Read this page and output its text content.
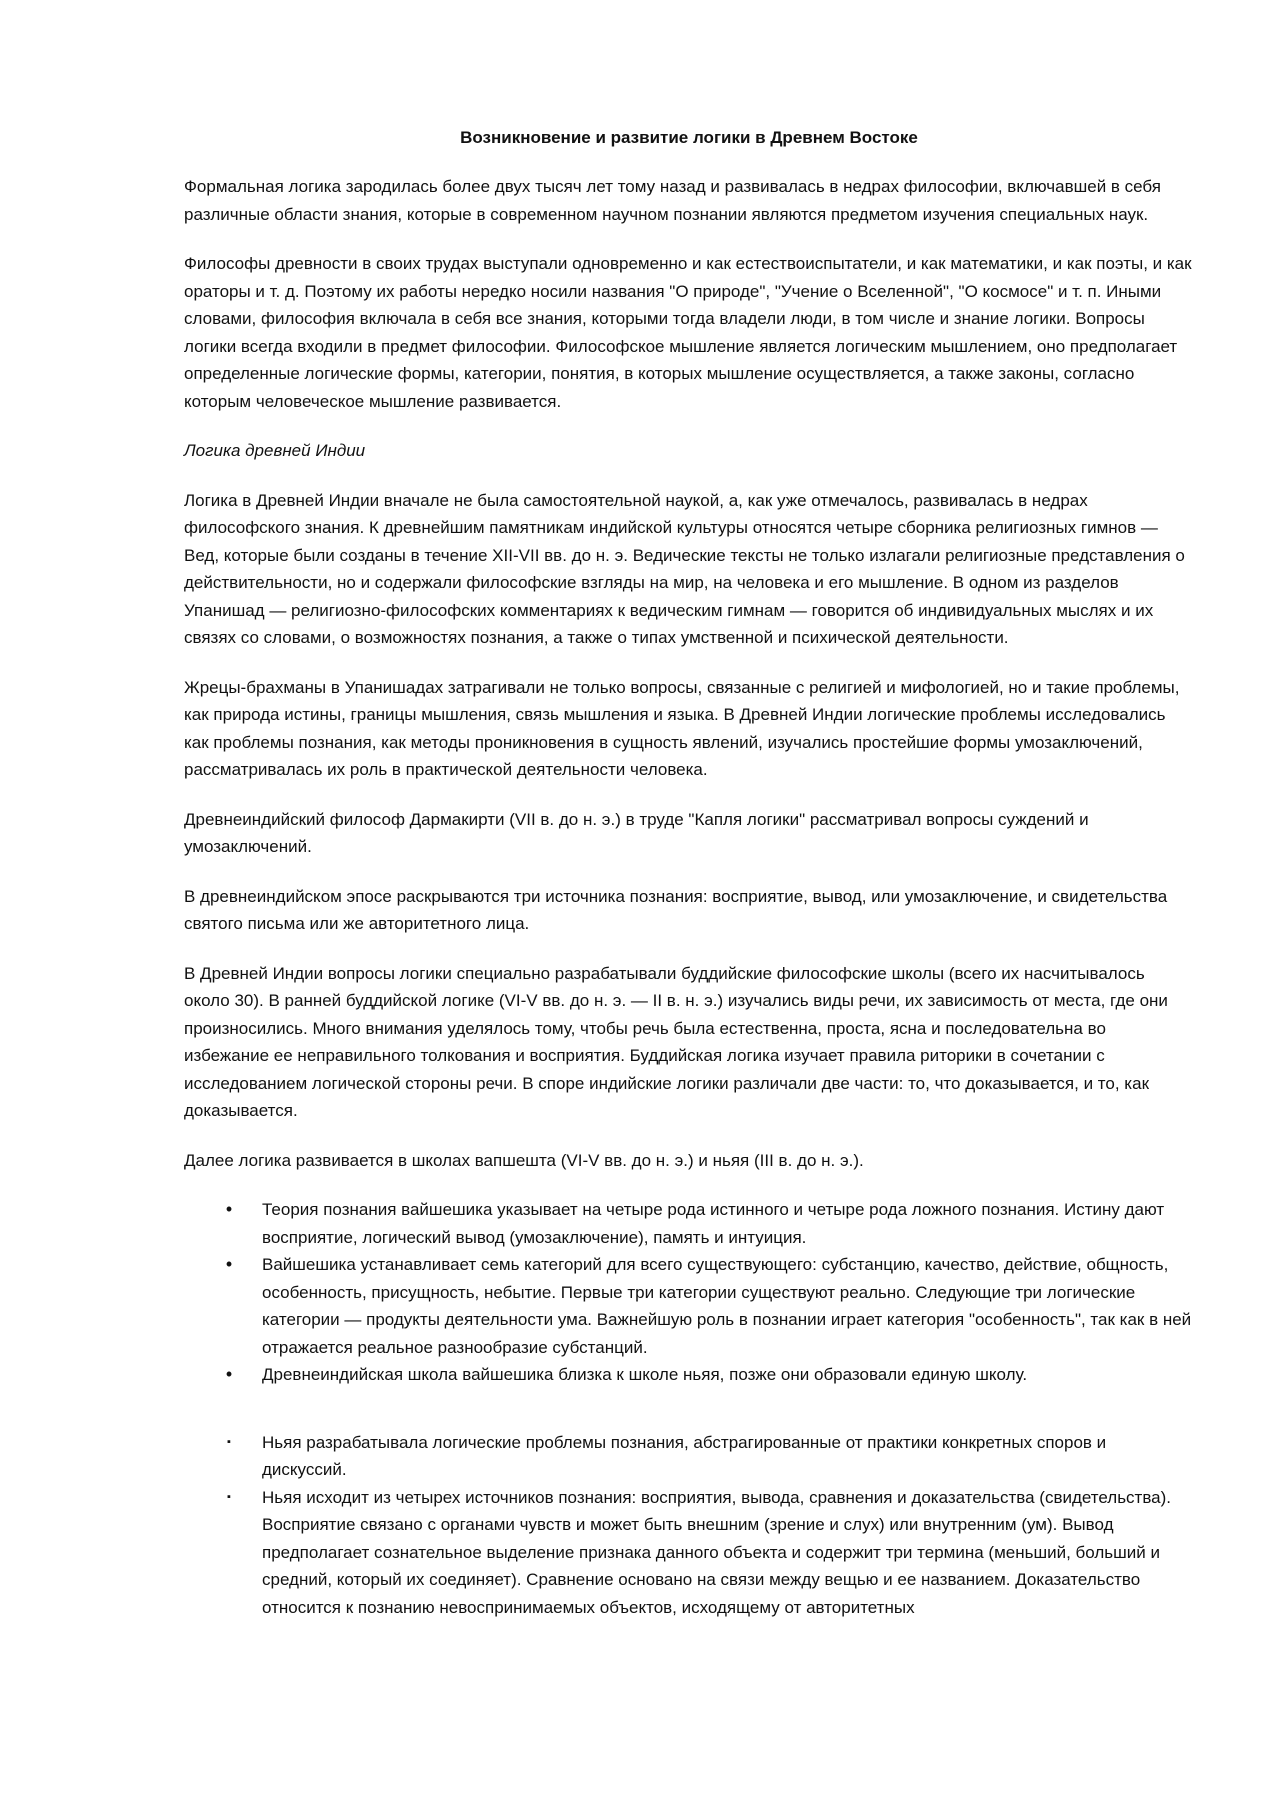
Возникновение и развитие логики в Древнем Востоке

Формальная логика зародилась более двух тысяч лет тому назад и развивалась в недрах философии, включавшей в себя различные области знания, которые в современном научном познании являются предметом изучения специальных наук.

Философы древности в своих трудах выступали одновременно и как естествоиспытатели, и как математики, и как поэты, и как ораторы и т. д. Поэтому их работы нередко носили названия "О природе", "Учение о Вселенной", "О космосе" и т. п. Иными словами, философия включала в себя все знания, которыми тогда владели люди, в том числе и знание логики. Вопросы логики всегда входили в предмет философии. Философское мышление является логическим мышлением, оно предполагает определенные логические формы, категории, понятия, в которых мышление осуществляется, а также законы, согласно которым человеческое мышление развивается.

Логика древней Индии

Логика в Древней Индии вначале не была самостоятельной наукой, а, как уже отмечалось, развивалась в недрах философского знания. К древнейшим памятникам индийской культуры относятся четыре сборника религиозных гимнов — Вед, которые были созданы в течение XII-VII вв. до н. э. Ведические тексты не только излагали религиозные представления о действительности, но и содержали философские взгляды на мир, на человека и его мышление. В одном из разделов Упанишад — религиозно-философских комментариях к ведическим гимнам — говорится об индивидуальных мыслях и их связях со словами, о возможностях познания, а также о типах умственной и психической деятельности.

Жрецы-брахманы в Упанишадах затрагивали не только вопросы, связанные с религией и мифологией, но и такие проблемы, как природа истины, границы мышления, связь мышления и языка. В Древней Индии логические проблемы исследовались как проблемы познания, как методы проникновения в сущность явлений, изучались простейшие формы умозаключений, рассматривалась их роль в практической деятельности человека.

Древнеиндийский философ Дармакирти (VII в. до н. э.) в труде "Капля логики" рассматривал вопросы суждений и умозаключений.

В древнеиндийском эпосе раскрываются три источника познания: восприятие, вывод, или умозаключение, и свидетельства святого письма или же авторитетного лица.

В Древней Индии вопросы логики специально разрабатывали буддийские философские школы (всего их насчитывалось около 30). В ранней буддийской логике (VI-V вв. до н. э. — II в. н. э.) изучались виды речи, их зависимость от места, где они произносились. Много внимания уделялось тому, чтобы речь была естественна, проста, ясна и последовательна во избежание ее неправильного толкования и восприятия. Буддийская логика изучает правила риторики в сочетании с исследованием логической стороны речи. В споре индийские логики различали две части: то, что доказывается, и то, как доказывается.

Далее логика развивается в школах вапшешта (VI-V вв. до н. э.) и ньяя (III в. до н. э.).

• Теория познания вайшешика указывает на четыре рода истинного и четыре рода ложного познания. Истину дают восприятие, логический вывод (умозаключение), память и интуиция.
• Вайшешика устанавливает семь категорий для всего существующего: субстанцию, качество, действие, общность, особенность, присущность, небытие. Первые три категории существуют реально. Следующие три логические категории — продукты деятельности ума. Важнейшую роль в познании играет категория "особенность", так как в ней отражается реальное разнообразие субстанций.
• Древнеиндийская школа вайшешика близка к школе ньяя, позже они образовали единую школу.
▪ Ньяя разрабатывала логические проблемы познания, абстрагированные от практики конкретных споров и дискуссий.
▪ Ньяя исходит из четырех источников познания: восприятия, вывода, сравнения и доказательства (свидетельства). Восприятие связано с органами чувств и может быть внешним (зрение и слух) или внутренним (ум). Вывод предполагает сознательное выделение признака данного объекта и содержит три термина (меньший, больший и средний, который их соединяет). Сравнение основано на связи между вещью и ее названием. Доказательство относится к познанию невоспринимаемых объектов, исходящему от авторитетных
